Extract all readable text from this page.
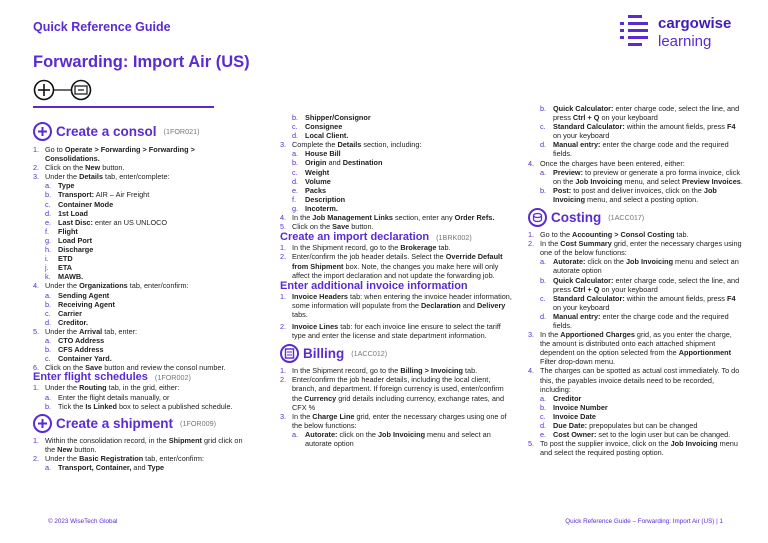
Quick Reference Guide	cargowise
learning
Forwarding: Import Air (US)
Create a consol (1FOR021)
1. Go to Operate > Forwarding > Forwarding > Consolidations.
2. Click on the New button.
3. Under the Details tab, enter/complete:
a. Type
b. Transport: AIR – Air Freight
c. Container Mode
d. 1st Load
e. Last Disc: enter an US UNLOCO
f. Flight
g. Load Port
h. Discharge
i. ETD
j. ETA
k. MAWB.
4. Under the Organizations tab, enter/confirm:
a. Sending Agent
b. Receiving Agent
c. Carrier
d. Creditor.
5. Under the Arrival tab, enter:
a. CTO Address
b. CFS Address
c. Container Yard.
6. Click on the Save button and review the consol number.
Enter flight schedules (1FOR002)
1. Under the Routing tab, in the grid, either:
a. Enter the flight details manually, or
b. Tick the Is Linked box to select a published schedule.
Create a shipment (1FOR009)
1. Within the consolidation record, in the Shipment grid click on the New button.
2. Under the Basic Registration tab, enter/confirm:
a. Transport, Container, and Type
b. Shipper/Consignor
c. Consignee
d. Local Client.
3. Complete the Details section, including:
a. House Bill
b. Origin and Destination
c. Weight
d. Volume
e. Packs
f. Description
g. Incoterm.
4. In the Job Management Links section, enter any Order Refs.
5. Click on the Save button.
Create an import declaration (1BRK002)
1. In the Shipment record, go to the Brokerage tab.
2. Enter/confirm the job header details. Select the Override Default from Shipment box. Note, the changes you make here will only affect the import declaration and not update the forwarding job.
Enter additional invoice information
1. Invoice Headers tab: when entering the invoice header information, some information will populate from the Declaration and Delivery tabs.
2. Invoice Lines tab: for each invoice line ensure to select the tariff type and enter the license and state department information.
Billing (1ACC012)
1. In the Shipment record, go to the Billing > Invoicing tab.
2. Enter/confirm the job header details, including the local client, branch, and department. If foreign currency is used, enter/confirm the Currency grid details including currency, exchange rates, and CFX %
3. In the Charge Line grid, enter the necessary charges using one of the below functions:
a. Autorate: click on the Job Invoicing menu and select an autorate option
b. Quick Calculator: enter charge code, select the line, and press Ctrl + Q on your keyboard
c. Standard Calculator: within the amount fields, press F4 on your keyboard
d. Manual entry: enter the charge code and the required fields.
4. Once the charges have been entered, either:
a. Preview: to preview or generate a pro forma invoice, click on the Job Invoicing menu, and select Preview Invoices.
b. Post: to post and deliver invoices, click on the Job Invoicing menu, and select a posting option.
Costing (1ACC017)
1. Go to the Accounting > Consol Costing tab.
2. In the Cost Summary grid, enter the necessary charges using one of the below functions:
a. Autorate: click on the Job Invoicing menu and select an autorate option
b. Quick Calculator: enter charge code, select the line, and press Ctrl + Q on your keyboard
c. Standard Calculator: within the amount fields, press F4 on your keyboard
d. Manual entry: enter the charge code and the required fields.
3. In the Apportioned Charges grid, as you enter the charge, the amount is distributed onto each attached shipment dependent on the option selected from the Apportionment Filter drop-down menu.
4. The charges can be spotted as actual cost immediately. To do this, the payables invoice details need to be recorded, including:
a. Creditor
b. Invoice Number
c. Invoice Date
d. Due Date: prepopulates but can be changed
e. Cost Owner: set to the login user but can be changed.
5. To post the supplier invoice, click on the Job Invoicing menu and select the required posting option.
© 2023 WiseTech Global	Quick Reference Guide – Forwarding: Import Air (US) | 1
